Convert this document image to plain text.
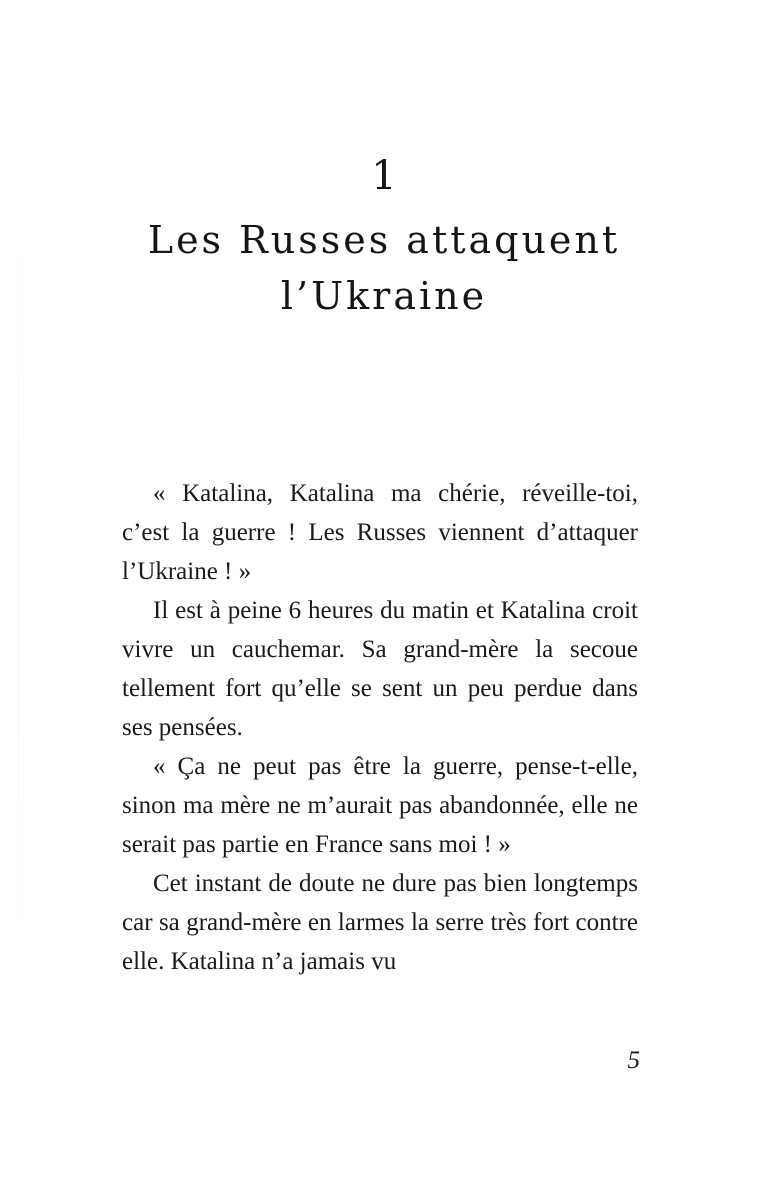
1
Les Russes attaquent l’Ukraine

« Katalina, Katalina ma chérie, réveille-toi, c’est la guerre ! Les Russes viennent d’attaquer l’Ukraine ! »

Il est à peine 6 heures du matin et Katalina croit vivre un cauchemar. Sa grand-mère la secoue tellement fort qu’elle se sent un peu perdue dans ses pensées.

« Ça ne peut pas être la guerre, pense-t-elle, sinon ma mère ne m’aurait pas abandonnée, elle ne serait pas partie en France sans moi ! »

Cet instant de doute ne dure pas bien longtemps car sa grand-mère en larmes la serre très fort contre elle. Katalina n’a jamais vu

5
